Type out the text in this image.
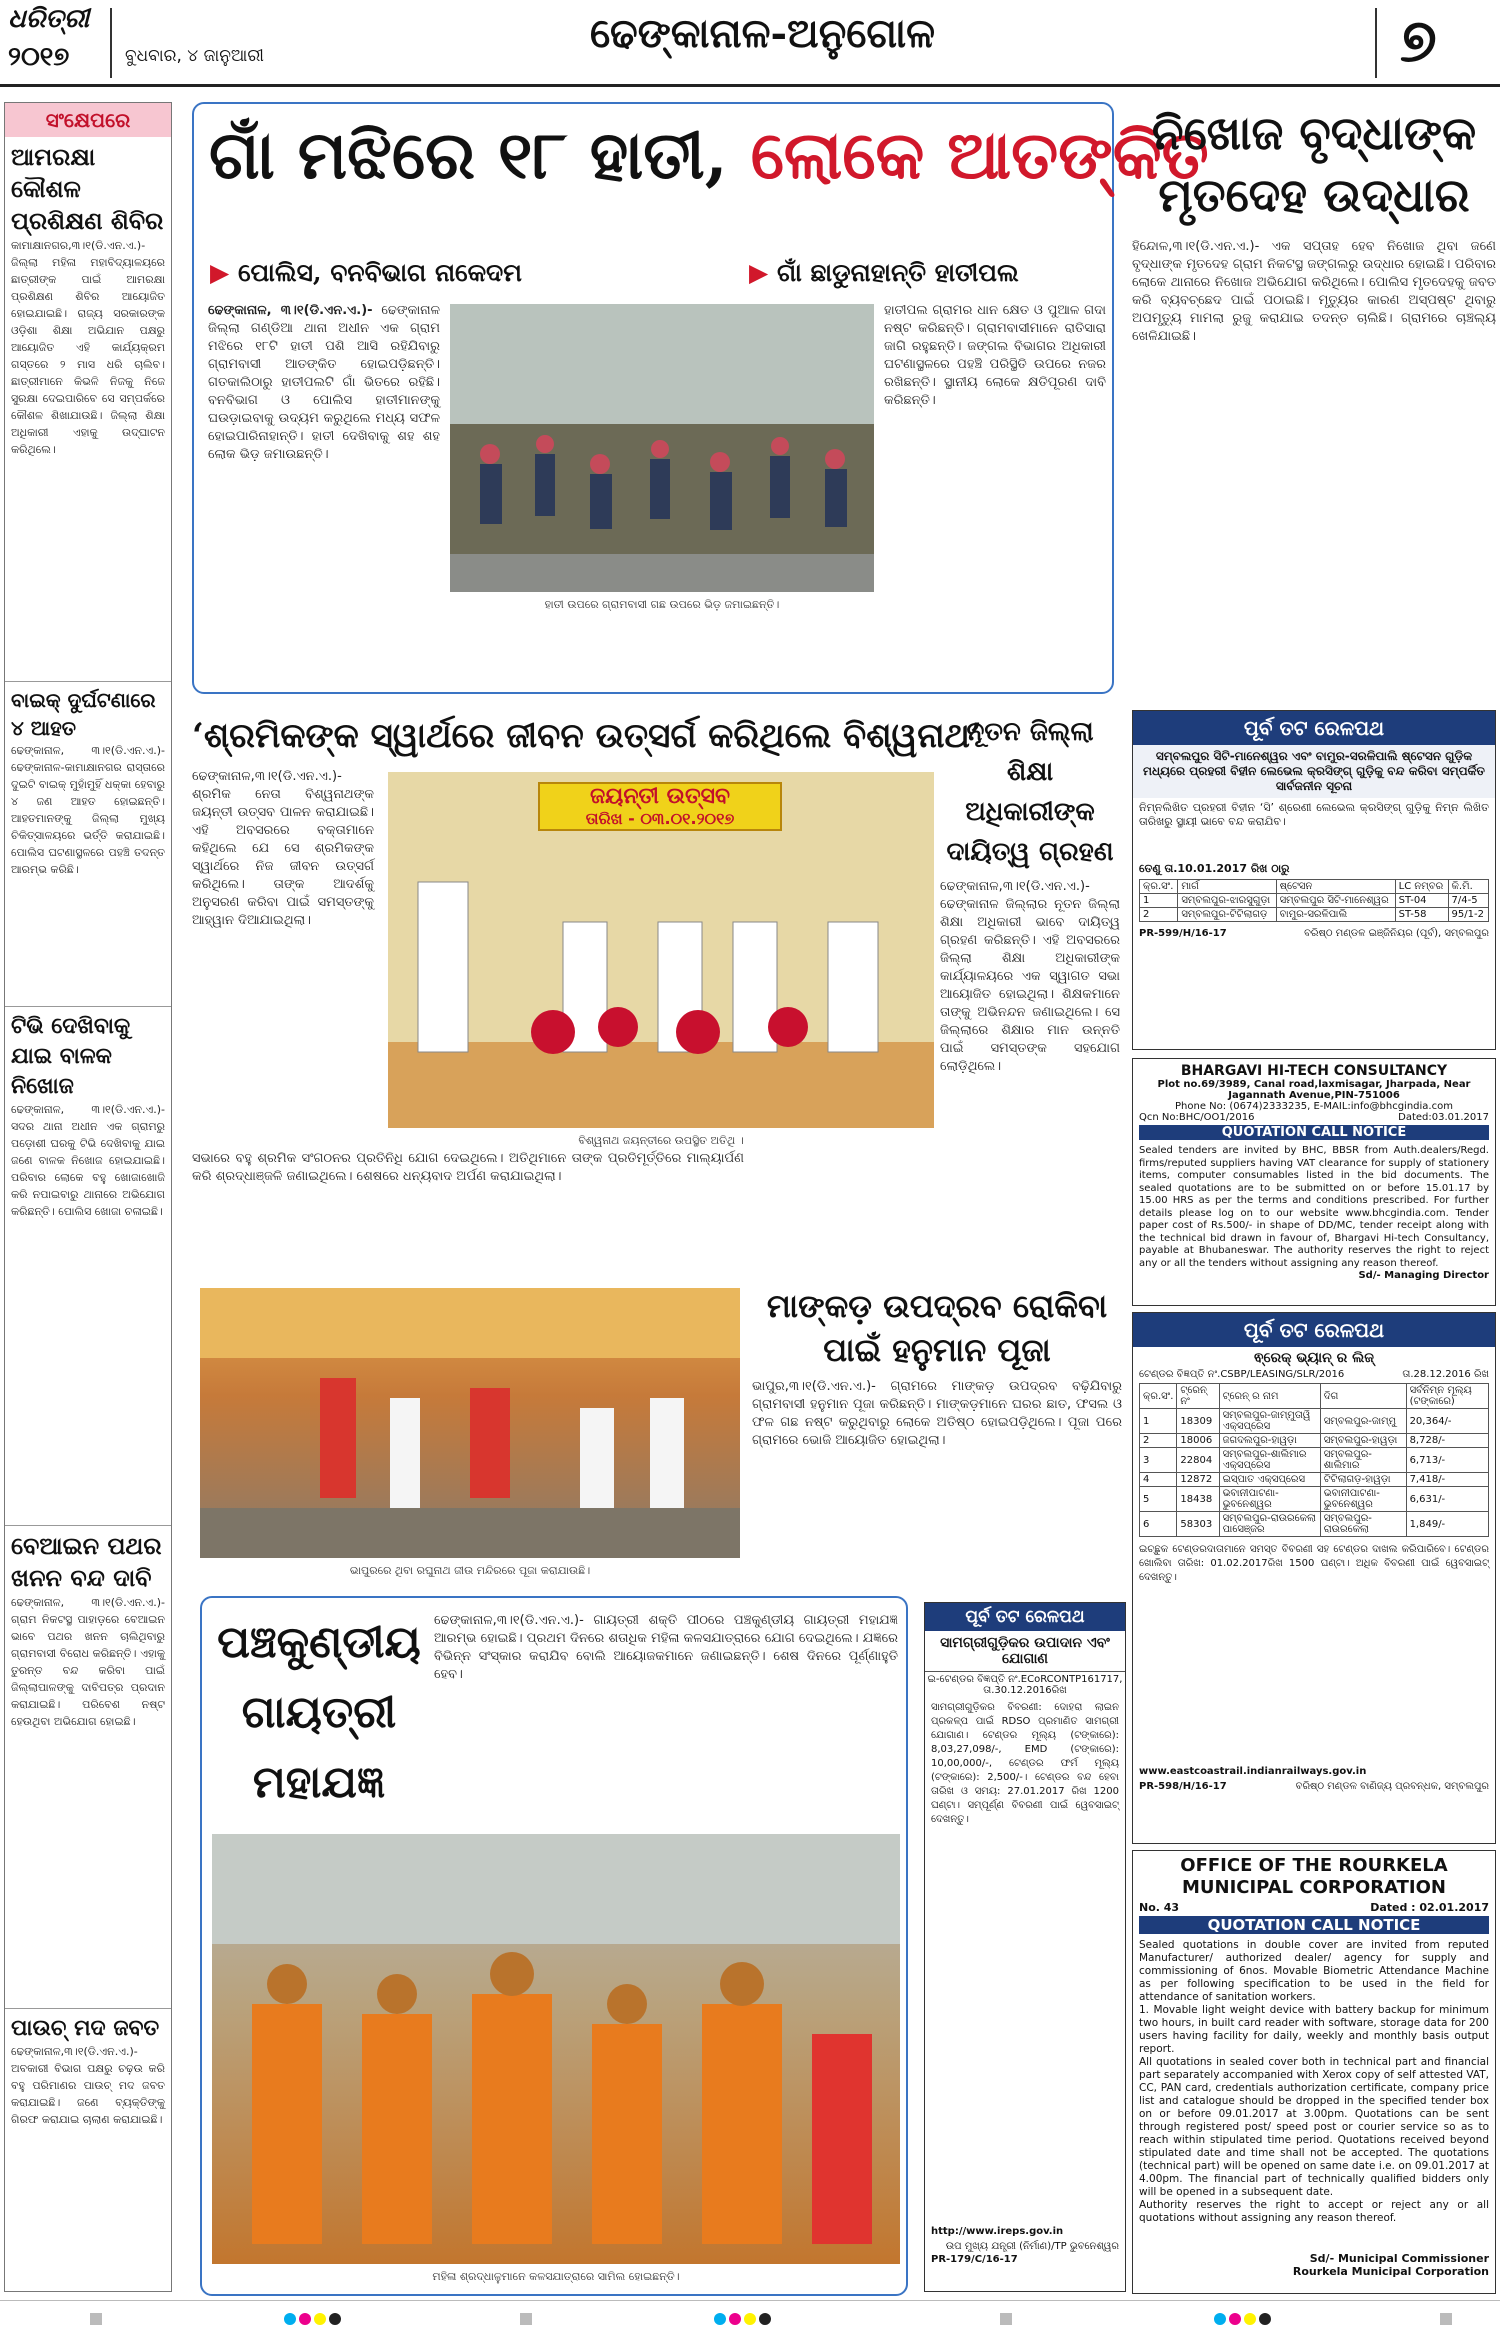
ଧରିତ୍ରୀ
୨୦୧୭	ବୁଧବାର, ୪ ଜାନୁଆରୀ	ଢେଙ୍କାନାଳ-ଅନୁଗୋଳ	୭
ସଂକ୍ଷେପରେ
ଆମରକ୍ଷା କୌଶଳ ପ୍ରଶିକ୍ଷଣ ଶିବିର
କାମାକ୍ଷାନଗର,୩।୧(ଡି.ଏନ.ଏ.)- ଜିଲ୍ଲା ମହିଳା ମହାବିଦ୍ୟାଳୟରେ ଛାତ୍ରୀଙ୍କ ପାଇଁ ଆମରକ୍ଷା ପ୍ରଶିକ୍ଷଣ ଶିବିର ଆୟୋଜିତ ହୋଇଯାଇଛି। ରାଜ୍ୟ ସରକାରଙ୍କ ଓଡ଼ିଶା ଶିକ୍ଷା ଅଭିଯାନ ପକ୍ଷରୁ ଆୟୋଜିତ ଏହି କାର୍ଯ୍ୟକ୍ରମ ଗସ୍ତରେ ୨ ମାସ ଧରି ଚାଲିବ। ଛାତ୍ରୀମାନେ କିଭଳି ନିଜକୁ ନିଜେ ସୁରକ୍ଷା ଦେଇପାରିବେ ସେ ସମ୍ପର୍କରେ କୌଶଳ ଶିଖାଯାଉଛି। ଜିଲ୍ଲା ଶିକ୍ଷା ଅଧିକାରୀ ଏହାକୁ ଉଦ୍‌ଘାଟନ କରିଥିଲେ।
ବାଇକ୍ ଦୁର୍ଘଟଣାରେ ୪ ଆହତ
ଢେଙ୍କାନାଳ, ୩।୧(ଡି.ଏନ.ଏ.)- ଢେଙ୍କାନାଳ-କାମାକ୍ଷାନଗର ରାସ୍ତାରେ ଦୁଇଟି ବାଇକ୍ ମୁହାଁମୁହିଁ ଧକ୍କା ହେବାରୁ ୪ ଜଣ ଆହତ ହୋଇଛନ୍ତି। ଆହତମାନଙ୍କୁ ଜିଲ୍ଲା ମୁଖ୍ୟ ଚିକିତ୍ସାଳୟରେ ଭର୍ତ୍ତି କରାଯାଇଛି। ପୋଲିସ ଘଟଣାସ୍ଥଳରେ ପହଞ୍ଚି ତଦନ୍ତ ଆରମ୍ଭ କରିଛି।
ଟିଭି ଦେଖିବାକୁ ଯାଇ ବାଳକ ନିଖୋଜ
ଢେଙ୍କାନାଳ, ୩।୧(ଡି.ଏନ.ଏ.)- ସଦର ଥାନା ଅଧୀନ ଏକ ଗ୍ରାମରୁ ପଡ଼ୋଶୀ ଘରକୁ ଟିଭି ଦେଖିବାକୁ ଯାଇ ଜଣେ ବାଳକ ନିଖୋଜ ହୋଇଯାଇଛି। ପରିବାର ଲୋକେ ବହୁ ଖୋଜାଖୋଜି କରି ନପାଇବାରୁ ଥାନାରେ ଅଭିଯୋଗ କରିଛନ୍ତି। ପୋଲିସ ଖୋଜା ଚଳାଇଛି।
ବେଆଇନ ପଥର ଖନନ ବନ୍ଦ ଦାବି
ଢେଙ୍କାନାଳ, ୩।୧(ଡି.ଏନ.ଏ.)- ଗ୍ରାମ ନିକଟସ୍ଥ ପାହାଡ଼ରେ ବେଆଇନ ଭାବେ ପଥର ଖନନ ଚାଲିଥିବାରୁ ଗ୍ରାମବାସୀ ବିରୋଧ କରିଛନ୍ତି। ଏହାକୁ ତୁରନ୍ତ ବନ୍ଦ କରିବା ପାଇଁ ଜିଲ୍ଲାପାଳଙ୍କୁ ଦାବିପତ୍ର ପ୍ରଦାନ କରାଯାଇଛି। ପରିବେଶ ନଷ୍ଟ ହେଉଥିବା ଅଭିଯୋଗ ହୋଇଛି।
ପାଉଚ୍ ମଦ ଜବତ
ଢେଙ୍କାନାଳ,୩।୧(ଡି.ଏନ.ଏ.)- ଅବକାରୀ ବିଭାଗ ପକ୍ଷରୁ ଚଢ଼ଉ କରି ବହୁ ପରିମାଣର ପାଉଚ୍ ମଦ ଜବତ କରାଯାଇଛି। ଜଣେ ବ୍ୟକ୍ତିଙ୍କୁ ଗିରଫ କରାଯାଇ ଚାଲାଣ କରାଯାଇଛି।
ଗାଁ ମଝିରେ ୧୮ ହାତୀ, ଲୋକେ ଆତଙ୍କିତ
▶ ପୋଲିସ, ବନବିଭାଗ ନାକେଦମ	▶ ଗାଁ ଛାଡୁନାହାନ୍ତି ହାତୀପଲ
ଢେଙ୍କାନାଳ, ୩।୧(ଡି.ଏନ.ଏ.)- ଢେଙ୍କାନାଳ ଜିଲ୍ଲା ଗଣ୍ଡିଆ ଥାନା ଅଧୀନ ଏକ ଗ୍ରାମ ମଝିରେ ୧୮ଟି ହାତୀ ପଶି ଆସି ରହିଯିବାରୁ ଗ୍ରାମବାସୀ ଆତଙ୍କିତ ହୋଇପଡ଼ିଛନ୍ତି। ଗତକାଲିଠାରୁ ହାତୀପଲଟି ଗାଁ ଭିତରେ ରହିଛି। ବନବିଭାଗ ଓ ପୋଲିସ ହାତୀମାନଙ୍କୁ ଘଉଡ଼ାଇବାକୁ ଉଦ୍ୟମ କରୁଥିଲେ ମଧ୍ୟ ସଫଳ ହୋଇପାରିନାହାନ୍ତି। ହାତୀ ଦେଖିବାକୁ ଶହ ଶହ ଲୋକ ଭିଡ଼ ଜମାଉଛନ୍ତି।
ହାତୀ ଉପରେ ଗ୍ରାମବାସୀ ଗଛ ଉପରେ ଭିଡ଼ ଜମାଇଛନ୍ତି।
ହାତୀପଲ ଗ୍ରାମର ଧାନ କ୍ଷେତ ଓ ପୁଆଳ ଗଦା ନଷ୍ଟ କରିଛନ୍ତି। ଗ୍ରାମବାସୀମାନେ ରାତିସାରା ଜାଗି ରହୁଛନ୍ତି। ଜଙ୍ଗଲ ବିଭାଗର ଅଧିକାରୀ ଘଟଣାସ୍ଥଳରେ ପହଞ୍ଚି ପରିସ୍ଥିତି ଉପରେ ନଜର ରଖିଛନ୍ତି। ସ୍ଥାନୀୟ ଲୋକେ କ୍ଷତିପୂରଣ ଦାବି କରିଛନ୍ତି।
ନିଖୋଜ ବୃଦ୍ଧାଙ୍କ ମୃତଦେହ ଉଦ୍ଧାର
ହିନ୍ଦୋଳ,୩।୧(ଡି.ଏନ.ଏ.)- ଏକ ସପ୍ତାହ ହେବ ନିଖୋଜ ଥିବା ଜଣେ ବୃଦ୍ଧାଙ୍କ ମୃତଦେହ ଗ୍ରାମ ନିକଟସ୍ଥ ଜଙ୍ଗଲରୁ ଉଦ୍ଧାର ହୋଇଛି। ପରିବାର ଲୋକେ ଥାନାରେ ନିଖୋଜ ଅଭିଯୋଗ କରିଥିଲେ। ପୋଲିସ ମୃତଦେହକୁ ଜବତ କରି ବ୍ୟବଚ୍ଛେଦ ପାଇଁ ପଠାଇଛି। ମୃତ୍ୟୁର କାରଣ ଅସ୍ପଷ୍ଟ ଥିବାରୁ ଅପମୃତ୍ୟୁ ମାମଲା ରୁଜୁ କରାଯାଇ ତଦନ୍ତ ଚାଲିଛି। ଗ୍ରାମରେ ଚାଞ୍ଚଲ୍ୟ ଖେଳିଯାଇଛି।
‘ଶ୍ରମିକଙ୍କ ସ୍ୱାର୍ଥରେ ଜୀବନ ଉତ୍ସର୍ଗ କରିଥିଲେ ବିଶ୍ୱନାଥ’
ଢେଙ୍କାନାଳ,୩।୧(ଡି.ଏନ.ଏ.)- ଶ୍ରମିକ ନେତା ବିଶ୍ୱନାଥଙ୍କ ଜୟନ୍ତୀ ଉତ୍ସବ ପାଳନ କରାଯାଇଛି। ଏହି ଅବସରରେ ବକ୍ତାମାନେ କହିଥିଲେ ଯେ ସେ ଶ୍ରମିକଙ୍କ ସ୍ୱାର୍ଥରେ ନିଜ ଜୀବନ ଉତ୍ସର୍ଗ କରିଥିଲେ। ତାଙ୍କ ଆଦର୍ଶକୁ ଅନୁସରଣ କରିବା ପାଇଁ ସମସ୍ତଙ୍କୁ ଆହ୍ୱାନ ଦିଆଯାଇଥିଲା।
ଜୟନ୍ତୀ ଉତ୍ସବ
ତାରିଖ - ୦୩.୦୧.୨୦୧୭
ବିଶ୍ୱନାଥ ଜୟନ୍ତୀରେ ଉପସ୍ଥିତ ଅତିଥି ।
ସଭାରେ ବହୁ ଶ୍ରମିକ ସଂଗଠନର ପ୍ରତିନିଧି ଯୋଗ ଦେଇଥିଲେ। ଅତିଥିମାନେ ତାଙ୍କ ପ୍ରତିମୂର୍ତ୍ତିରେ ମାଲ୍ୟାର୍ପଣ କରି ଶ୍ରଦ୍ଧାଞ୍ଜଳି ଜଣାଇଥିଲେ। ଶେଷରେ ଧନ୍ୟବାଦ ଅର୍ପଣ କରାଯାଇଥିଲା।
ନୂତନ ଜିଲ୍ଲା ଶିକ୍ଷା ଅଧିକାରୀଙ୍କ ଦାୟିତ୍ୱ ଗ୍ରହଣ
ଢେଙ୍କାନାଳ,୩।୧(ଡି.ଏନ.ଏ.)- ଢେଙ୍କାନାଳ ଜିଲ୍ଲାର ନୂତନ ଜିଲ୍ଲା ଶିକ୍ଷା ଅଧିକାରୀ ଭାବେ ଦାୟିତ୍ୱ ଗ୍ରହଣ କରିଛନ୍ତି। ଏହି ଅବସରରେ ଜିଲ୍ଲା ଶିକ୍ଷା ଅଧିକାରୀଙ୍କ କାର୍ଯ୍ୟାଳୟରେ ଏକ ସ୍ୱାଗତ ସଭା ଆୟୋଜିତ ହୋଇଥିଲା। ଶିକ୍ଷକମାନେ ତାଙ୍କୁ ଅଭିନନ୍ଦନ ଜଣାଇଥିଲେ। ସେ ଜିଲ୍ଲାରେ ଶିକ୍ଷାର ମାନ ଉନ୍ନତି ପାଇଁ ସମସ୍ତଙ୍କ ସହଯୋଗ ଲୋଡ଼ିଥିଲେ।
ଭାପୁରରେ ଥିବା ରଘୁନାଥ ଜୀଉ ମନ୍ଦିରରେ ପୂଜା କରାଯାଉଛି।
ମାଙ୍କଡ଼ ଉପଦ୍ରବ ରୋକିବା ପାଇଁ ହନୁମାନ ପୂଜା
ଭାପୁର,୩।୧(ଡି.ଏନ.ଏ.)- ଗ୍ରାମରେ ମାଙ୍କଡ଼ ଉପଦ୍ରବ ବଢ଼ିଯିବାରୁ ଗ୍ରାମବାସୀ ହନୁମାନ ପୂଜା କରିଛନ୍ତି। ମାଙ୍କଡ଼ମାନେ ଘରର ଛାତ, ଫସଲ ଓ ଫଳ ଗଛ ନଷ୍ଟ କରୁଥିବାରୁ ଲୋକେ ଅତିଷ୍ଠ ହୋଇପଡ଼ିଥିଲେ। ପୂଜା ପରେ ଗ୍ରାମରେ ଭୋଜି ଆୟୋଜିତ ହୋଇଥିଲା।
ପଞ୍ଚକୁଣ୍ଡୀୟ ଗାୟତ୍ରୀ ମହାଯଜ୍ଞ
ଢେଙ୍କାନାଳ,୩।୧(ଡି.ଏନ.ଏ.)- ଗାୟତ୍ରୀ ଶକ୍ତି ପୀଠରେ ପଞ୍ଚକୁଣ୍ଡୀୟ ଗାୟତ୍ରୀ ମହାଯଜ୍ଞ ଆରମ୍ଭ ହୋଇଛି। ପ୍ରଥମ ଦିନରେ ଶତାଧିକ ମହିଳା କଳସଯାତ୍ରାରେ ଯୋଗ ଦେଇଥିଲେ। ଯଜ୍ଞରେ ବିଭିନ୍ନ ସଂସ୍କାର କରାଯିବ ବୋଲି ଆୟୋଜକମାନେ ଜଣାଇଛନ୍ତି। ଶେଷ ଦିନରେ ପୂର୍ଣ୍ଣାହୁତି ହେବ।
ମହିଳା ଶ୍ରଦ୍ଧାଳୁମାନେ କଳସଯାତ୍ରାରେ ସାମିଲ ହୋଇଛନ୍ତି।
ପୂର୍ବ ତଟ ରେଳପଥ
ସାମଗ୍ରୀଗୁଡ଼ିକର ଉପାଦାନ ଏବଂ ଯୋଗାଣ
ଇ-ଟେଣ୍ଡର ବିଜ୍ଞପ୍ତି ନଂ.ECoRCONTP161717, ତା.30.12.2016ରିଖ
ସାମଗ୍ରୀଗୁଡ଼ିକର ବିବରଣୀ: ଦୋହରା ଲାଇନ ପ୍ରକଳ୍ପ ପାଇଁ RDSO ପ୍ରମାଣିତ ସାମଗ୍ରୀ ଯୋଗାଣ। ଟେଣ୍ଡର ମୂଲ୍ୟ (ଟଙ୍କାରେ): 8,03,27,098/-, EMD (ଟଙ୍କାରେ): 10,00,000/-, ଟେଣ୍ଡର ଫର୍ମ ମୂଲ୍ୟ (ଟଙ୍କାରେ): 2,500/-। ଟେଣ୍ଡର ବନ୍ଦ ହେବା ତାରିଖ ଓ ସମୟ: 27.01.2017 ରିଖ 1200 ଘଣ୍ଟା। ସମ୍ପୂର୍ଣ୍ଣ ବିବରଣୀ ପାଇଁ ୱେବସାଇଟ୍ ଦେଖନ୍ତୁ।
http://www.ireps.gov.in
ଉପ ମୁଖ୍ୟ ଯନ୍ତ୍ରୀ (ନିର୍ମାଣ)/TP ଭୁବନେଶ୍ୱର
PR-179/C/16-17
ପୂର୍ବ ତଟ ରେଳପଥ
ସମ୍ବଲପୁର ସିଟି-ମାନେଶ୍ୱର ଏବଂ ବାମୁର-ସରଳିପାଲି ଷ୍ଟେସନ ଗୁଡ଼ିକ ମଧ୍ୟରେ ପ୍ରହରୀ ବିହୀନ ଲେଭେଲ କ୍ରସିଙ୍ଗ୍ ଗୁଡ଼ିକୁ ବନ୍ଦ କରିବା ସମ୍ପର୍କିତ ସାର୍ବଜନୀନ ସୂଚନା
ନିମ୍ନଲିଖିତ ପ୍ରହରୀ ବିହୀନ ‘ସି’ ଶ୍ରେଣୀ ଲେଭେଲ କ୍ରସିଙ୍ଗ୍ ଗୁଡ଼ିକୁ ନିମ୍ନ ଲିଖିତ ତାରିଖରୁ ସ୍ଥାୟୀ ଭାବେ ବନ୍ଦ କରାଯିବ।
ତେଣୁ ତା.10.01.2017 ରିଖ ଠାରୁ
କ୍ର.ସଂ.	ମାର୍ଗ	ଷ୍ଟେସନ	LC ନମ୍ବର	କି.ମି.
1	ସମ୍ବଲପୁର-ଝାରସୁଗୁଡ଼ା	ସମ୍ବଲପୁର ସିଟି-ମାନେଶ୍ୱର	ST-04	7/4-5
2	ସମ୍ବଲପୁର-ଟିଟିଲାଗଡ଼	ବାମୁର-ସରଳିପାଲି	ST-58	95/1-2
PR-599/H/16-17	ବରିଷ୍ଠ ମଣ୍ଡଳ ଇଞ୍ଜିନିୟର (ପୂର୍ବ), ସମ୍ବଲପୁର
BHARGAVI HI-TECH CONSULTANCY
Plot no.69/3989, Canal road,laxmisagar, Jharpada, Near Jagannath Avenue,PIN-751006
Phone No: (0674)2333235, E-MAIL:info@bhcgindia.com
Qcn No:BHC/OO1/2016	Dated:03.01.2017
QUOTATION CALL NOTICE
Sealed tenders are invited by BHC, BBSR from Auth.dealers/Regd. firms/reputed suppliers having VAT clearance for supply of stationery items, computer consumables listed in the bid documents. The sealed quotations are to be submitted on or before 15.01.17 by 15.00 HRS as per the terms and conditions prescribed. For further details please log on to our website www.bhcgindia.com. Tender paper cost of Rs.500/- in shape of DD/MC, tender receipt along with the technical bid drawn in favour of, Bhargavi Hi-tech Consultancy, payable at Bhubaneswar. The authority reserves the right to reject any or all the tenders without assigning any reason thereof.
Sd/- Managing Director
ପୂର୍ବ ତଟ ରେଳପଥ
ଵ୍ରେକ୍ ଭ୍ୟାନ୍ ର ଲିଜ୍
ଟେଣ୍ଡର ବିଜ୍ଞପ୍ତି ନଂ.CSBP/LEASING/SLR/2016	ତା.28.12.2016 ରିଖ
କ୍ର.ସଂ.	ଟ୍ରେନ୍ ନଂ	ଟ୍ରେନ୍ ର ନାମ	ଦିଗ	ସର୍ବନିମ୍ନ ମୂଲ୍ୟ (ଟଙ୍କାରେ)
1	18309	ସମ୍ବଲପୁର-ଜାମ୍ମୁତାୱି ଏକ୍ସପ୍ରେସ	ସମ୍ବଲପୁର-ଜାମ୍ମୁ	20,364/-
2	18006	ଜଗଦଲପୁର-ହାୱଡ଼ା	ସମ୍ବଲପୁର-ହାୱଡ଼ା	8,728/-
3	22804	ସମ୍ବଲପୁର-ଶାଲିମାର ଏକ୍ସପ୍ରେସ	ସମ୍ବଲପୁର-ଶାଲିମାର	6,713/-
4	12872	ଇସ୍ପାତ ଏକ୍ସପ୍ରେସ	ଟିଟିଲାଗଡ଼-ହାୱଡ଼ା	7,418/-
5	18438	ଭବାନୀପାଟଣା-ଭୁବନେଶ୍ୱର	ଭବାନୀପାଟଣା-ଭୁବନେଶ୍ୱର	6,631/-
6	58303	ସମ୍ବଲପୁର-ରାଉରକେଲା ପାସେଞ୍ଜର	ସମ୍ବଲପୁର-ରାଉରକେଲା	1,849/-
ଇଚ୍ଛୁକ ଟେଣ୍ଡରଦାତାମାନେ ସମସ୍ତ ବିବରଣୀ ସହ ଟେଣ୍ଡର ଦାଖଲ କରିପାରିବେ। ଟେଣ୍ଡର ଖୋଲିବା ତାରିଖ: 01.02.2017ରିଖ 1500 ଘଣ୍ଟା। ଅଧିକ ବିବରଣୀ ପାଇଁ ୱେବସାଇଟ୍ ଦେଖନ୍ତୁ।
www.eastcoastrail.indianrailways.gov.in
PR-598/H/16-17	ବରିଷ୍ଠ ମଣ୍ଡଳ ବାଣିଜ୍ୟ ପ୍ରବନ୍ଧକ, ସମ୍ବଲପୁର
OFFICE OF THE ROURKELA MUNICIPAL CORPORATION
No. 43	Dated : 02.01.2017
QUOTATION CALL NOTICE
Sealed quotations in double cover are invited from reputed Manufacturer/ authorized dealer/ agency for supply and commissioning of 6nos. Movable Biometric Attendance Machine as per following specification to be used in the field for attendance of sanitation workers.
1. Movable light weight device with battery backup for minimum two hours, in built card reader with software, storage data for 200 users having facility for daily, weekly and monthly basis output report.
All quotations in sealed cover both in technical part and financial part separately accompanied with Xerox copy of self attested VAT, CC, PAN card, credentials authorization certificate, company price list and catalogue should be dropped in the specified tender box on or before 09.01.2017 at 3.00pm. Quotations can be sent through registered post/ speed post or courier service so as to reach within stipulated time period. Quotations received beyond stipulated date and time shall not be accepted. The quotations (technical part) will be opened on same date i.e. on 09.01.2017 at 4.00pm. The financial part of technically qualified bidders only will be opened in a subsequent date.
Authority reserves the right to accept or reject any or all quotations without assigning any reason thereof.
Sd/- Municipal Commissioner
Rourkela Municipal Corporation
